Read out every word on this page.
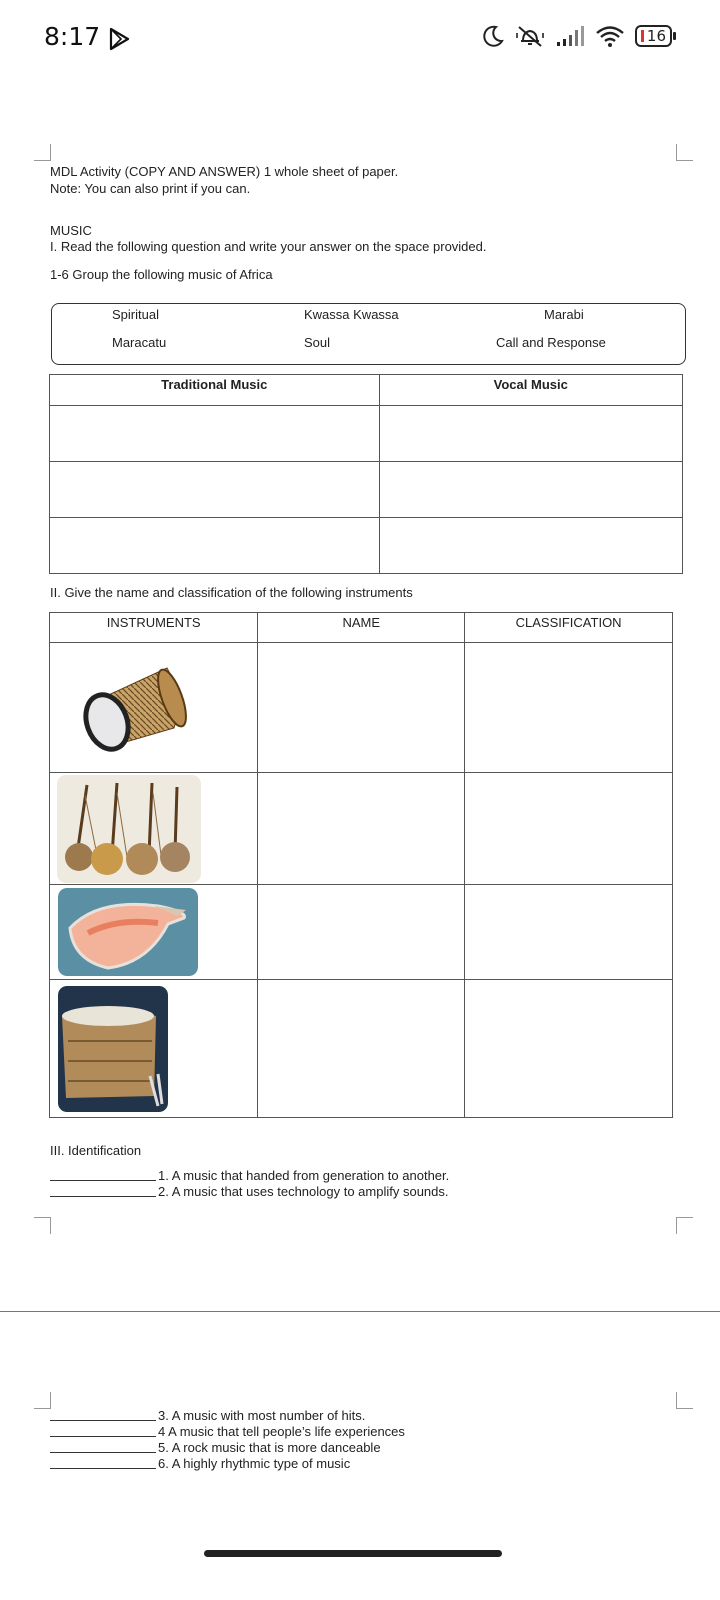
8:17	16
MDL Activity (COPY AND ANSWER) 1 whole sheet of paper.
Note: You can also print if you can.
MUSIC
I. Read the following question and write your answer on the space provided.
1-6 Group the following music of Africa
Spiritual	Kwassa Kwassa	Marabi
Maracatu	Soul	Call and Response
Traditional Music	Vocal Music

II. Give the name and classification of the following instruments
INSTRUMENTS	NAME	CLASSIFICATION

III. Identification
1. A music that handed from generation to another.
2. A music that uses technology to amplify sounds.
3. A music with most number of hits.
4 A music that tell people’s life experiences
5. A rock music that is more danceable
6. A highly rhythmic type of music
